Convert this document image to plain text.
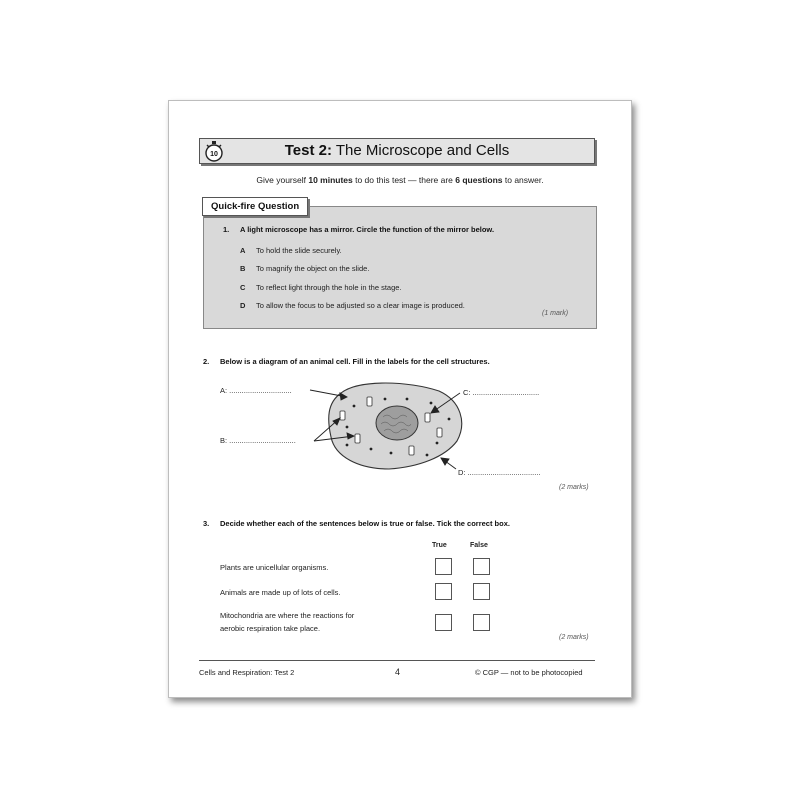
10	Test 2: The Microscope and Cells
Give yourself 10 minutes to do this test — there are 6 questions to answer.
Quick-fire Question
1. A light microscope has a mirror. Circle the function of the mirror below.
A To hold the slide securely.
B To magnify the object on the slide.
C To reflect light through the hole in the stage.
D To allow the focus to be adjusted so a clear image is produced.
(1 mark)
2. Below is a diagram of an animal cell. Fill in the labels for the cell structures.
A: ..............................
B: ................................
C: ................................
D: ...................................
(2 marks)
3. Decide whether each of the sentences below is true or false. Tick the correct box.
True	False
Plants are unicellular organisms.
Animals are made up of lots of cells.
Mitochondria are where the reactions for
aerobic respiration take place.
(2 marks)
Cells and Respiration: Test 2	4	© CGP — not to be photocopied
